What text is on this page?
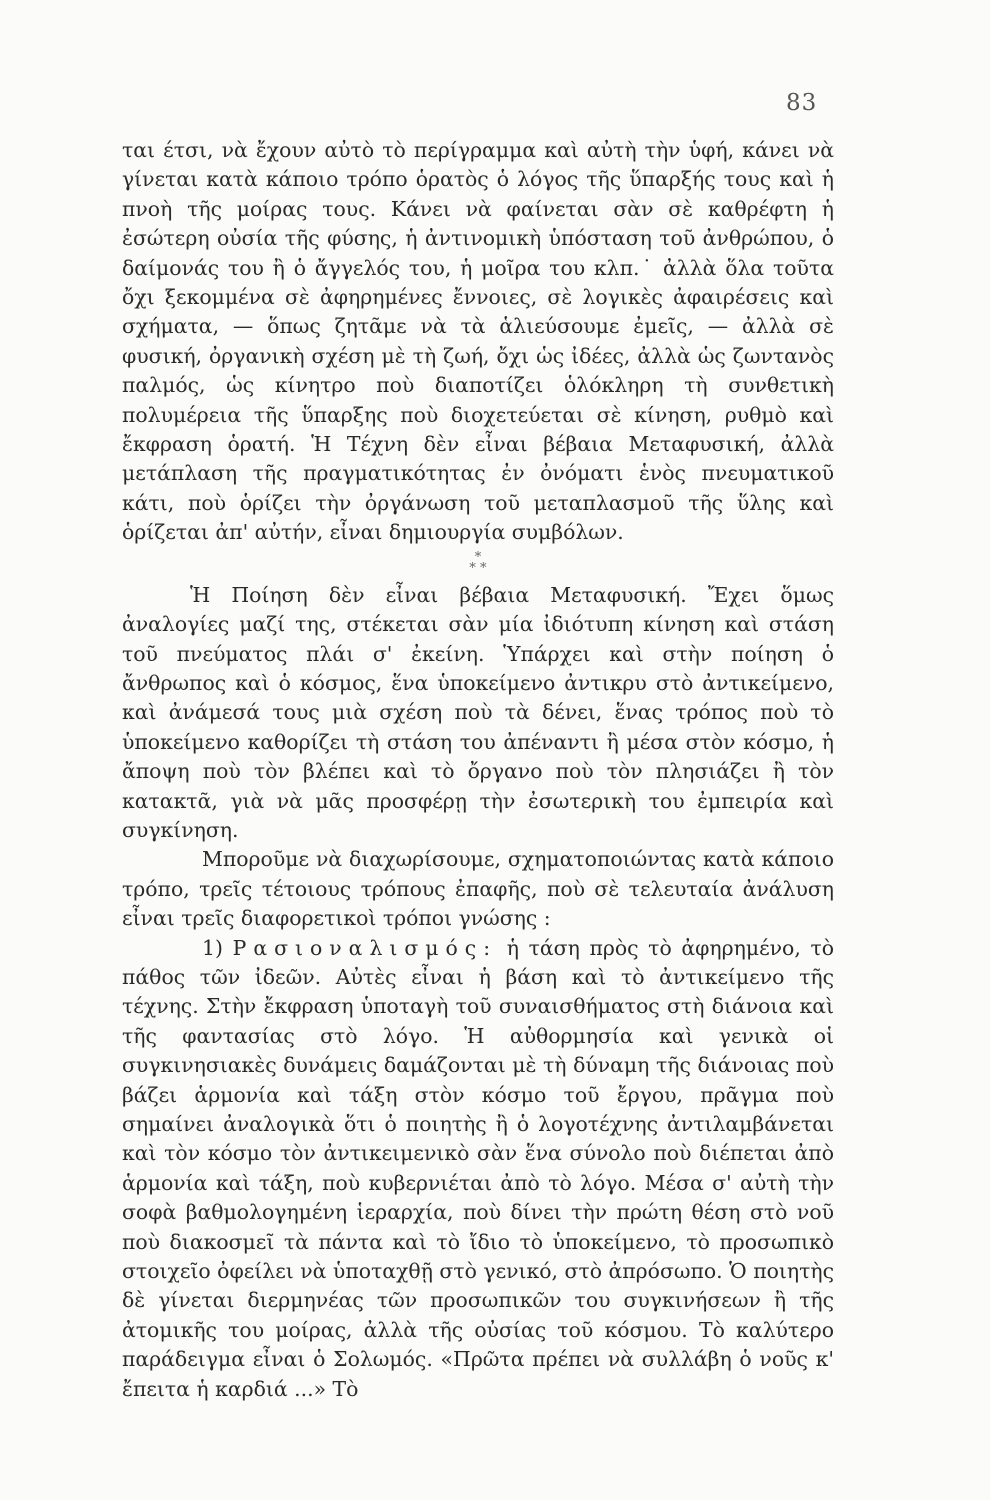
83

ται έτσι, νὰ ἔχουν αὐτὸ τὸ περίγραμμα καὶ αὐτὴ τὴν ὑφή, κάνει νὰ γίνεται κατὰ κάποιο τρόπο ὁρατὸς ὁ λόγος τῆς ὕπαρξής τους καὶ ἡ πνοὴ τῆς μοίρας τους. Κάνει νὰ φαίνεται σὰν σὲ καθρέφτη ἡ ἐσώτερη οὐσία τῆς φύσης, ἡ ἀντινομικὴ ὑπόσταση τοῦ ἀνθρώπου, ὁ δαίμονάς του ἢ ὁ ἄγγελός του, ἡ μοῖρα του κλπ.˙ ἀλλὰ ὅλα τοῦτα ὄχι ξεκομμένα σὲ ἀφηρημένες ἔννοιες, σὲ λογικὲς ἀφαιρέσεις καὶ σχήματα, — ὅπως ζητᾶμε νὰ τὰ ἁλιεύσουμε ἐμεῖς, — ἀλλὰ σὲ φυσική, ὀργανικὴ σχέση μὲ τὴ ζωή, ὄχι ὡς ἰδέες, ἀλλὰ ὡς ζωντανὸς παλμός, ὡς κίνητρο ποὺ διαποτίζει ὁλόκληρη τὴ συνθετικὴ πολυμέρεια τῆς ὕπαρξης ποὺ διοχετεύεται σὲ κίνηση, ρυθμὸ καὶ ἔκφραση ὁρατή. Ἡ Τέχνη δὲν εἶναι βέβαια Μεταφυσική, ἀλλὰ μετάπλαση τῆς πραγματικότητας ἐν ὀνόματι ἑνὸς πνευματικοῦ κάτι, ποὺ ὁρίζει τὴν ὀργάνωση τοῦ μεταπλασμοῦ τῆς ὕλης καὶ ὁρίζεται ἀπ' αὐτήν, εἶναι δημιουργία συμβόλων.

*
* *

Ἡ Ποίηση δὲν εἶναι βέβαια Μεταφυσική. Ἔχει ὅμως ἀναλογίες μαζί της, στέκεται σὰν μία ἰδιότυπη κίνηση καὶ στάση τοῦ πνεύματος πλάι σ' ἐκείνη. Ὑπάρχει καὶ στὴν ποίηση ὁ ἄνθρωπος καὶ ὁ κόσμος, ἕνα ὑποκείμενο ἀντικρυ στὸ ἀντικείμενο, καὶ ἀνάμεσά τους μιὰ σχέση ποὺ τὰ δένει, ἕνας τρόπος ποὺ τὸ ὑποκείμενο καθορίζει τὴ στάση του ἀπέναντι ἢ μέσα στὸν κόσμο, ἡ ἄποψη ποὺ τὸν βλέπει καὶ τὸ ὄργανο ποὺ τὸν πλησιάζει ἢ τὸν κατακτᾶ, γιὰ νὰ μᾶς προσφέρῃ τὴν ἐσωτερικὴ του ἐμπειρία καὶ συγκίνηση.

Μποροῦμε νὰ διαχωρίσουμε, σχηματοποιώντας κατὰ κάποιο τρόπο, τρεῖς τέτοιους τρόπους ἐπαφῆς, ποὺ σὲ τελευταία ἀνάλυση εἶναι τρεῖς διαφορετικοὶ τρόποι γνώσης :

1) Ρασιοναλισμός: ἡ τάση πρὸς τὸ ἀφηρημένο, τὸ πάθος τῶν ἰδεῶν. Αὐτὲς εἶναι ἡ βάση καὶ τὸ ἀντικείμενο τῆς τέχνης. Στὴν ἔκφραση ὑποταγὴ τοῦ συναισθήματος στὴ διάνοια καὶ τῆς φαντασίας στὸ λόγο. Ἡ αὐθορμησία καὶ γενικὰ οἱ συγκινησιακὲς δυνάμεις δαμάζονται μὲ τὴ δύναμη τῆς διάνοιας ποὺ βάζει ἁρμονία καὶ τάξη στὸν κόσμο τοῦ ἔργου, πρᾶγμα ποὺ σημαίνει ἀναλογικὰ ὅτι ὁ ποιητὴς ἢ ὁ λογοτέχνης ἀντιλαμβάνεται καὶ τὸν κόσμο τὸν ἀντικειμενικὸ σὰν ἕνα σύνολο ποὺ διέπεται ἀπὸ ἁρμονία καὶ τάξη, ποὺ κυβερνιέται ἀπὸ τὸ λόγο. Μέσα σ' αὐτὴ τὴν σοφὰ βαθμολογημένη ἱεραρχία, ποὺ δίνει τὴν πρώτη θέση στὸ νοῦ ποὺ διακοσμεῖ τὰ πάντα καὶ τὸ ἴδιο τὸ ὑποκείμενο, τὸ προσωπικὸ στοιχεῖο ὀφείλει νὰ ὑποταχθῇ στὸ γενικό, στὸ ἀπρόσωπο. Ὁ ποιητὴς δὲ γίνεται διερμηνέας τῶν προσωπικῶν του συγκινήσεων ἢ τῆς ἀτομικῆς του μοίρας, ἀλλὰ τῆς οὐσίας τοῦ κόσμου. Τὸ καλύτερο παράδειγμα εἶναι ὁ Σολωμός. «Πρῶτα πρέπει νὰ συλλάβη ὁ νοῦς κ' ἔπειτα ἡ καρδιά ...» Τὸ
